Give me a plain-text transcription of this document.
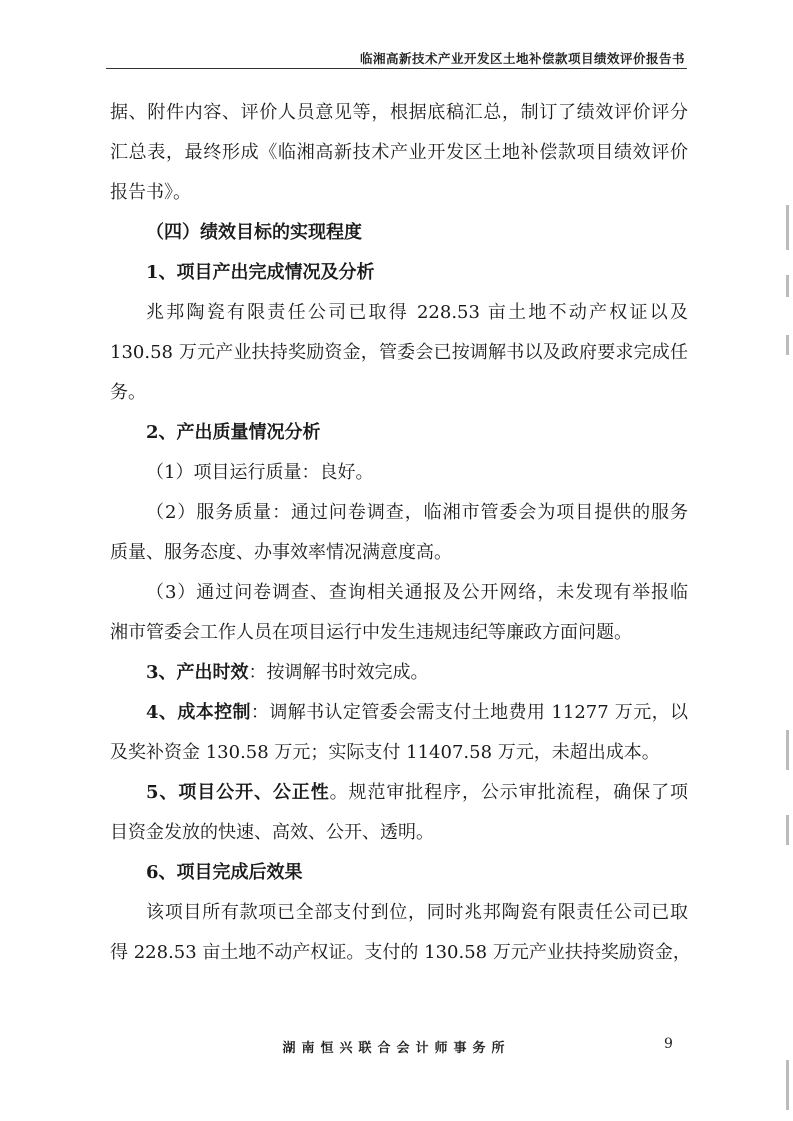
临湘高新技术产业开发区土地补偿款项目绩效评价报告书

据、附件内容、评价人员意见等，根据底稿汇总，制订了绩效评价评分

汇总表，最终形成《临湘高新技术产业开发区土地补偿款项目绩效评价

报告书》。

（四）绩效目标的实现程度

1、项目产出完成情况及分析

兆邦陶瓷有限责任公司已取得 228.53 亩土地不动产权证以及

130.58 万元产业扶持奖励资金，管委会已按调解书以及政府要求完成任

务。

2、产出质量情况分析

（1）项目运行质量：良好。

（2）服务质量：通过问卷调查，临湘市管委会为项目提供的服务

质量、服务态度、办事效率情况满意度高。

（3）通过问卷调查、查询相关通报及公开网络，未发现有举报临

湘市管委会工作人员在项目运行中发生违规违纪等廉政方面问题。

3、产出时效：按调解书时效完成。

4、成本控制：调解书认定管委会需支付土地费用 11277 万元，以

及奖补资金 130.58 万元；实际支付 11407.58 万元，未超出成本。

5、项目公开、公正性。规范审批程序，公示审批流程，确保了项

目资金发放的快速、高效、公开、透明。

6、项目完成后效果

该项目所有款项已全部支付到位，同时兆邦陶瓷有限责任公司已取

得 228.53 亩土地不动产权证。支付的 130.58 万元产业扶持奖励资金，

湖南恒兴联合会计师事务所	9
